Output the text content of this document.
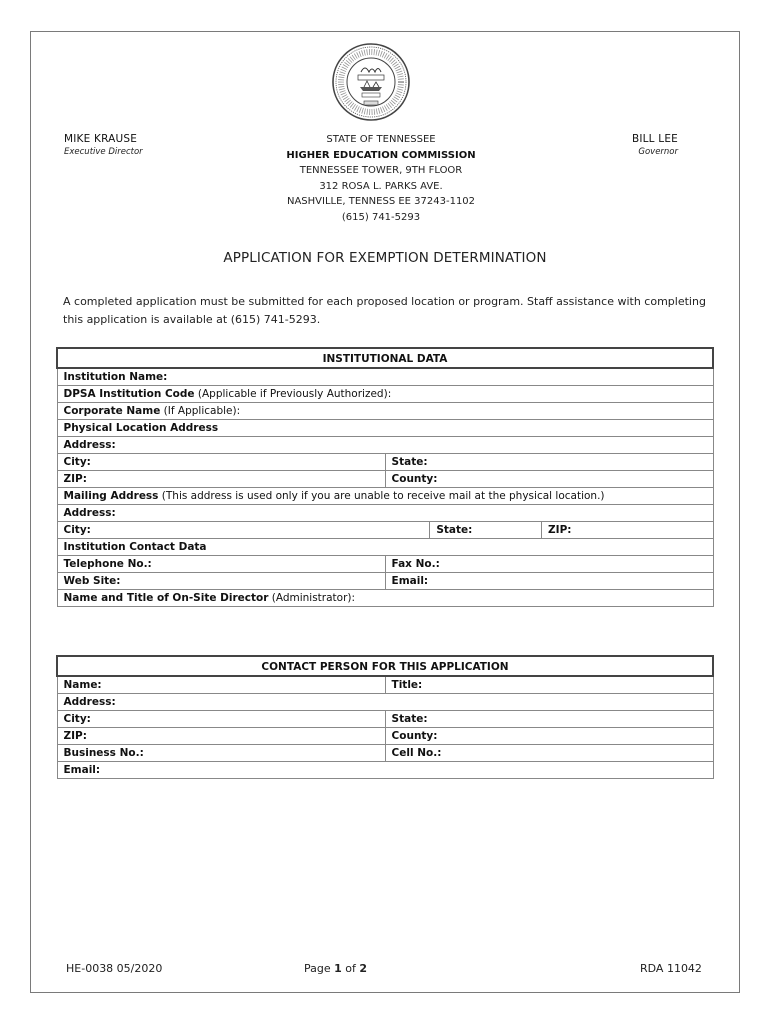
MIKE KRAUSE
Executive Director
STATE OF TENNESSEE
HIGHER EDUCATION COMMISSION
TENNESSEE TOWER, 9TH FLOOR
312 ROSA L. PARKS AVE.
NASHVILLE, TENNESS EE 37243-1102
(615) 741-5293
BILL LEE
Governor
APPLICATION FOR EXEMPTION DETERMINATION
A completed application must be submitted for each proposed location or program. Staff assistance with completing this application is available at (615) 741-5293.
INSTITUTIONAL DATA			
Institution Name:			
DPSA Institution Code (Applicable if Previously Authorized):			
Corporate Name (If Applicable):			
Physical Location Address			
Address:			
City:	State:		
ZIP:	County:		
Mailing Address (This address is used only if you are unable to receive mail at the physical location.)			
Address:			
City:		State:	ZIP:
Institution Contact Data			
Telephone No.:	Fax No.:		
Web Site:	Email:		
Name and Title of On-Site Director (Administrator):			
CONTACT PERSON FOR THIS APPLICATION	
Name:	Title:
Address:	
City:	State:
ZIP:	County:
Business No.:	Cell No.:
Email:	
HE-0038 05/2020	Page 1 of 2	RDA 11042
